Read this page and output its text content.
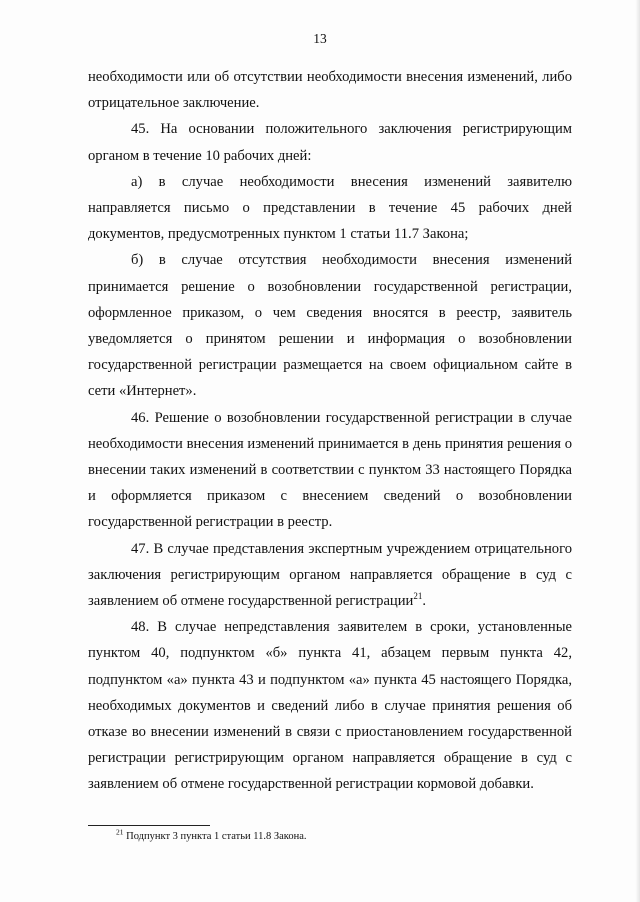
13

необходимости или об отсутствии необходимости внесения изменений, либо отрицательное заключение.

45. На основании положительного заключения регистрирующим органом в течение 10 рабочих дней:

а) в случае необходимости внесения изменений заявителю направляется письмо о представлении в течение 45 рабочих дней документов, предусмотренных пунктом 1 статьи 11.7 Закона;

б) в случае отсутствия необходимости внесения изменений принимается решение о возобновлении государственной регистрации, оформленное приказом, о чем сведения вносятся в реестр, заявитель уведомляется о принятом решении и информация о возобновлении государственной регистрации размещается на своем официальном сайте в сети «Интернет».

46. Решение о возобновлении государственной регистрации в случае необходимости внесения изменений принимается в день принятия решения о внесении таких изменений в соответствии с пунктом 33 настоящего Порядка и оформляется приказом с внесением сведений о возобновлении государственной регистрации в реестр.

47. В случае представления экспертным учреждением отрицательного заключения регистрирующим органом направляется обращение в суд с заявлением об отмене государственной регистрации$^{21}$.

48. В случае непредставления заявителем в сроки, установленные пунктом 40, подпунктом «б» пункта 41, абзацем первым пункта 42, подпунктом «а» пункта 43 и подпунктом «а» пункта 45 настоящего Порядка, необходимых документов и сведений либо в случае принятия решения об отказе во внесении изменений в связи с приостановлением государственной регистрации регистрирующим органом направляется обращение в суд с заявлением об отмене государственной регистрации кормовой добавки.

$^{21}$ Подпункт 3 пункта 1 статьи 11.8 Закона.
